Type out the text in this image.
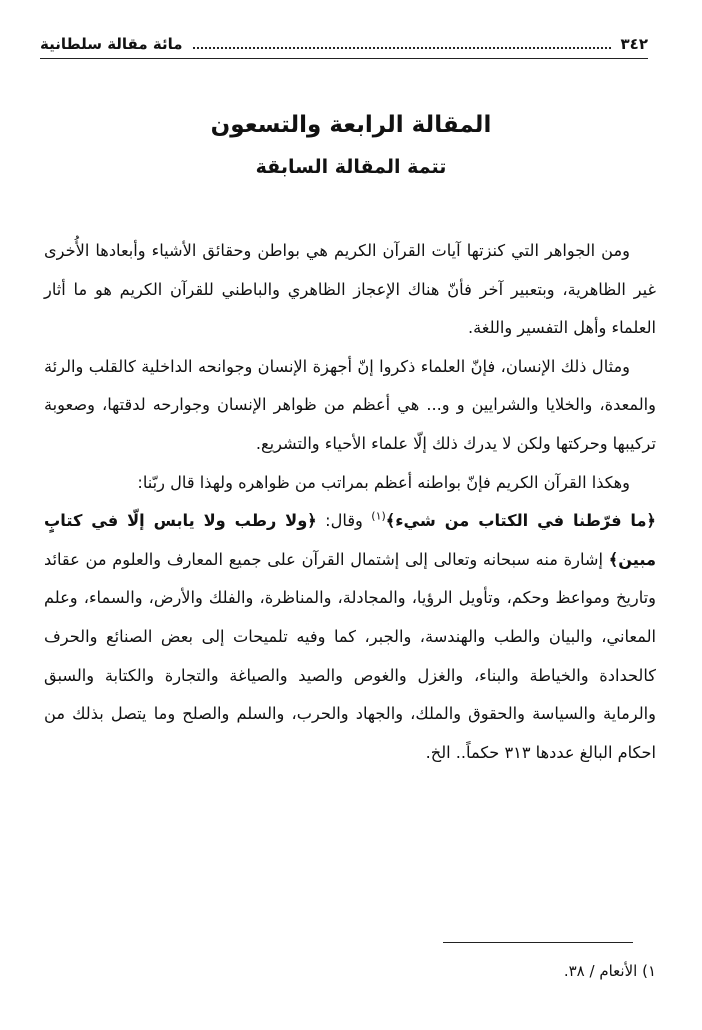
٣٤٢
مائة مقالة سلطانية
المقالة الرابعة والتسعون
تتمة المقالة السابقة

ومن الجواهر التي كنزتها آيات القرآن الكريم هي بواطن وحقائق الأشياء وأبعادها الأُخرى غير الظاهرية، وبتعبير آخر فأنّ هناك الإعجاز الظاهري والباطني للقرآن الكريم هو ما أثار العلماء وأهل التفسير واللغة.

ومثال ذلك الإنسان، فإنّ العلماء ذكروا إنّ أجهزة الإنسان وجوانحه الداخلية كالقلب والرئة والمعدة، والخلايا والشرايين و و... هي أعظم من ظواهر الإنسان وجوارحه لدقتها، وصعوبة تركيبها وحركتها ولكن لا يدرك ذلك إلّا علماء الأحياء والتشريع.

وهكذا القرآن الكريم فإنّ بواطنه أعظم بمراتب من ظواهره ولهذا قال ربّنا:

﴿ما فرّطنا في الكتاب من شيء﴾$^{(١)}$ وقال: ﴿ولا رطب ولا يابس إلّا في كتابٍ مبين﴾ إشارة منه سبحانه وتعالى إلى إشتمال القرآن على جميع المعارف والعلوم من عقائد وتاريخ ومواعظ وحكم، وتأويل الرؤيا، والمجادلة، والمناظرة، والفلك والأرض، والسماء، وعلم المعاني، والبيان والطب والهندسة، والجبر، كما وفيه تلميحات إلى بعض الصنائع والحرف كالحدادة والخياطة والبناء، والغزل والغوص والصيد والصياغة والتجارة والكتابة والسبق والرماية والسياسة والحقوق والملك، والجهاد والحرب، والسلم والصلح وما يتصل بذلك من احكام البالغ عددها ٣١٣ حكماً.. الخ.

١) الأنعام / ٣٨.
